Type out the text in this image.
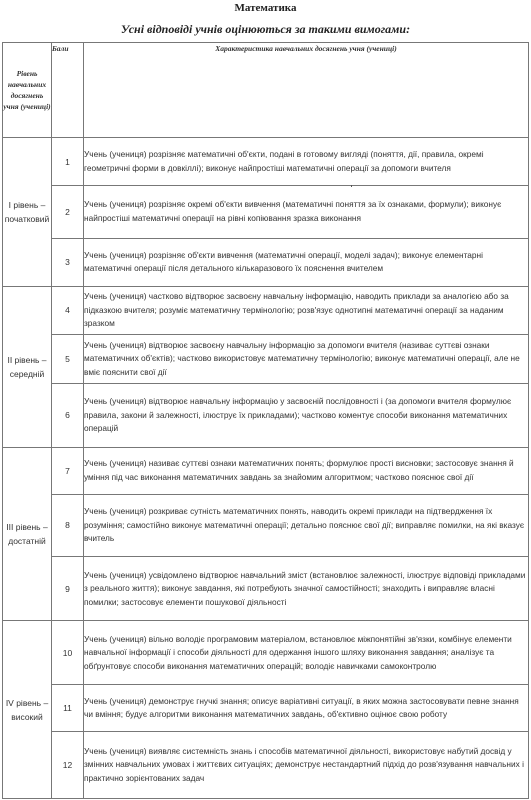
Математика
Усні відповіді учнів оцінюються за такими вимогами:
Рівень навчальних досягнень учня (учениці)	Бали	Характеристика навчальних досягнень учня (учениці)
I рівень – початковий	1	Учень (учениця) розрізняє математичні об'єкти, подані в готовому вигляді (поняття, дії, правила, окремі геометричні форми в довкіллі); виконує найпростіші математичні операції за допомоги вчителя
	2	Учень (учениця) розрізняє окремі об'єкти вивчення (математичні поняття за їх ознаками, формули); виконує найпростіші математичні операції на рівні копіювання зразка виконання
	3	Учень (учениця) розрізняє об'єкти вивчення (математичні операції, моделі задач); виконує елементарні математичні операції після детального кількаразового їх пояснення вчителем
II рівень – середній	4	Учень (учениця) частково відтворює засвоєну навчальну інформацію, наводить приклади за аналогією або за підказкою вчителя; розуміє математичну термінологію; розв'язує однотипні математичні операції за наданим зразком
	5	Учень (учениця) відтворює засвоєну навчальну інформацію за допомоги вчителя (називає суттєві ознаки математичних об'єктів); частково використовує математичну термінологію; виконує математичні операції, але не вміє пояснити свої дії
	6	Учень (учениця) відтворює навчальну інформацію у засвоєній послідовності і (за допомоги вчителя формулює правила, закони й залежності, ілюструє їх прикладами); частково коментує способи виконання математичних операцій
III рівень – достатній	7	Учень (учениця) називає суттєві ознаки математичних понять; формулює прості висновки; застосовує знання й уміння під час виконання математичних завдань за знайомим алгоритмом; частково пояснює свої дії
	8	Учень (учениця) розкриває сутність математичних понять, наводить окремі приклади на підтвердження їх розуміння; самостійно виконує математичні операції; детально пояснює свої дії; виправляє помилки, на які вказує вчитель
	9	Учень (учениця) усвідомлено відтворює навчальний зміст (встановлює залежності, ілюструє відповіді прикладами з реального життя); виконує завдання, які потребують значної самостійності; знаходить і виправляє власні помилки; застосовує елементи пошукової діяльності
IV рівень – високий	10	Учень (учениця) вільно володіє програмовим матеріалом, встановлює міжпонятійні зв'язки, комбінує елементи навчальної інформації і способи діяльності для одержання іншого шляху виконання завдання; аналізує та обґрунтовує способи виконання математичних операцій; володіє навичками самоконтролю
	11	Учень (учениця) демонструє гнучкі знання; описує варіативні ситуації, в яких можна застосовувати певне знання чи вміння; будує алгоритми виконання математичних завдань, об'єктивно оцінює свою роботу
	12	Учень (учениця) виявляє системність знань і способів математичної діяльності, використовує набутий досвід у змінних навчальних умовах і життєвих ситуаціях; демонструє нестандартний підхід до розв'язування навчальних і практично зорієнтованих задач
